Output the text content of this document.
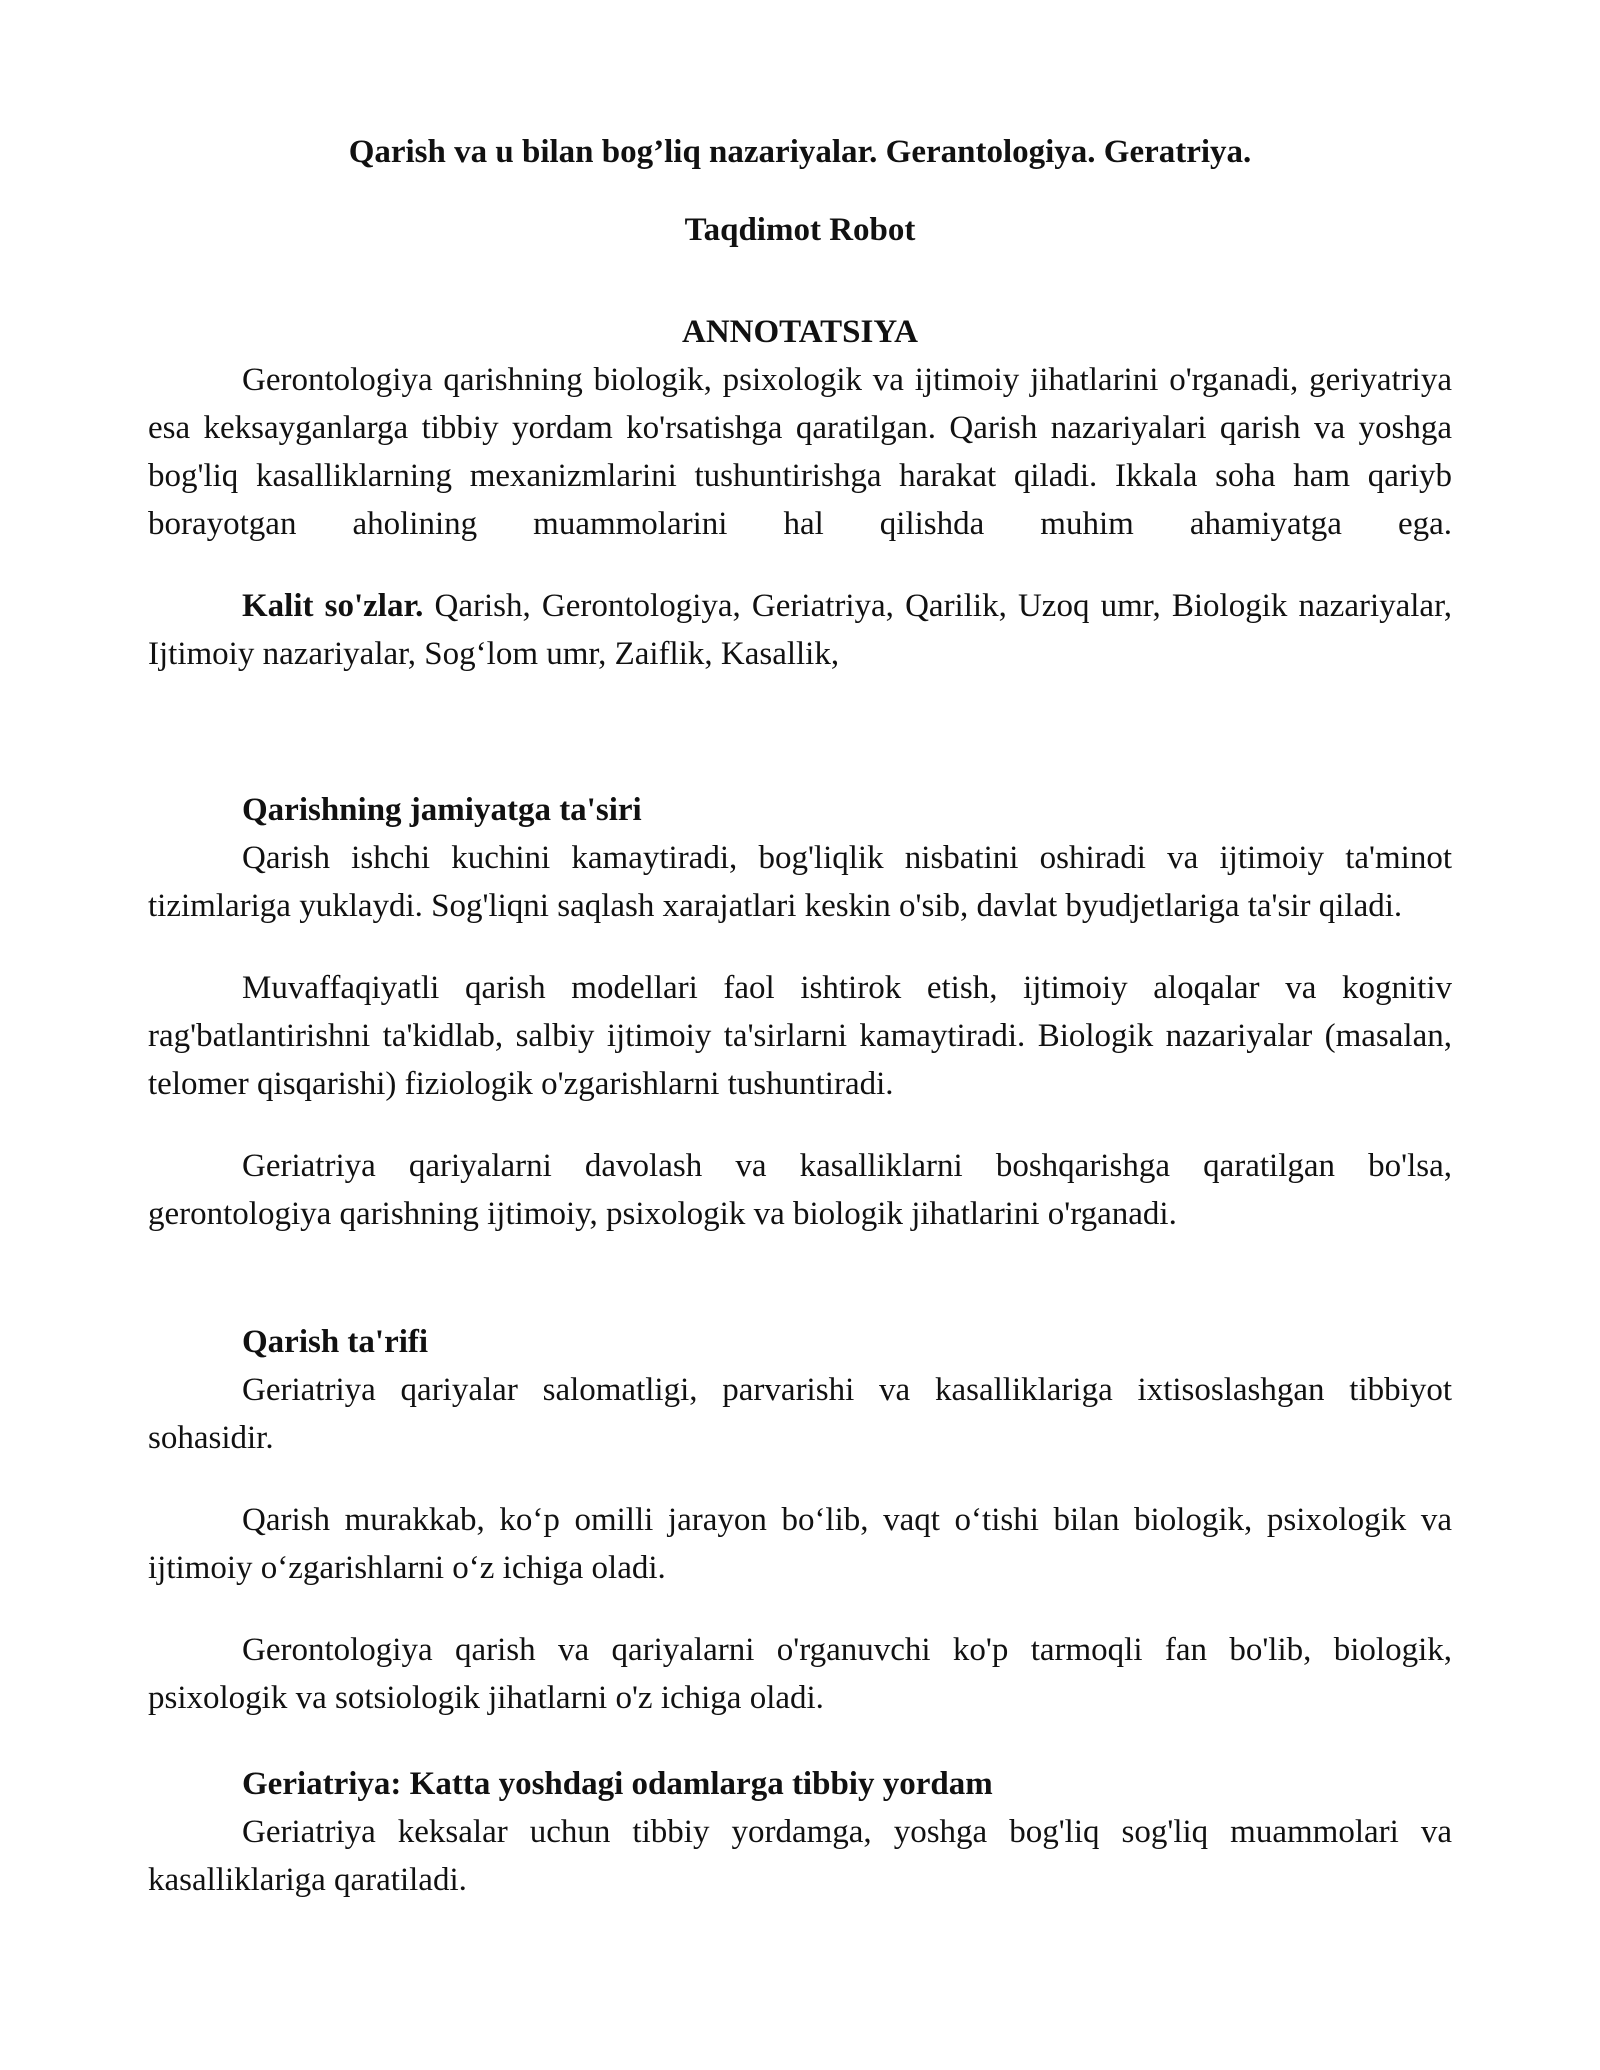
Qarish va u bilan bog’liq nazariyalar. Gerantologiya. Geratriya.
Taqdimot Robot
ANNOTATSIYA

Gerontologiya qarishning biologik, psixologik va ijtimoiy jihatlarini o'rganadi, geriyatriya esa keksayganlarga tibbiy yordam ko'rsatishga qaratilgan. Qarish nazariyalari qarish va yoshga bog'liq kasalliklarning mexanizmlarini tushuntirishga harakat qiladi. Ikkala soha ham qariyb borayotgan aholining muammolarini hal qilishda muhim ahamiyatga ega.

Kalit so'zlar. Qarish, Gerontologiya, Geriatriya, Qarilik, Uzoq umr, Biologik nazariyalar, Ijtimoiy nazariyalar, Sog‘lom umr, Zaiflik, Kasallik,

Qarishning jamiyatga ta'siri

Qarish ishchi kuchini kamaytiradi, bog'liqlik nisbatini oshiradi va ijtimoiy ta'minot tizimlariga yuklaydi. Sog'liqni saqlash xarajatlari keskin o'sib, davlat byudjetlariga ta'sir qiladi.

Muvaffaqiyatli qarish modellari faol ishtirok etish, ijtimoiy aloqalar va kognitiv rag'batlantirishni ta'kidlab, salbiy ijtimoiy ta'sirlarni kamaytiradi. Biologik nazariyalar (masalan, telomer qisqarishi) fiziologik o'zgarishlarni tushuntiradi.

Geriatriya qariyalarni davolash va kasalliklarni boshqarishga qaratilgan bo'lsa, gerontologiya qarishning ijtimoiy, psixologik va biologik jihatlarini o'rganadi.

Qarish ta'rifi

Geriatriya qariyalar salomatligi, parvarishi va kasalliklariga ixtisoslashgan tibbiyot sohasidir.

Qarish murakkab, ko‘p omilli jarayon bo‘lib, vaqt o‘tishi bilan biologik, psixologik va ijtimoiy o‘zgarishlarni o‘z ichiga oladi.

Gerontologiya qarish va qariyalarni o'rganuvchi ko'p tarmoqli fan bo'lib, biologik, psixologik va sotsiologik jihatlarni o'z ichiga oladi.

Geriatriya: Katta yoshdagi odamlarga tibbiy yordam

Geriatriya keksalar uchun tibbiy yordamga, yoshga bog'liq sog'liq muammolari va kasalliklariga qaratiladi.
